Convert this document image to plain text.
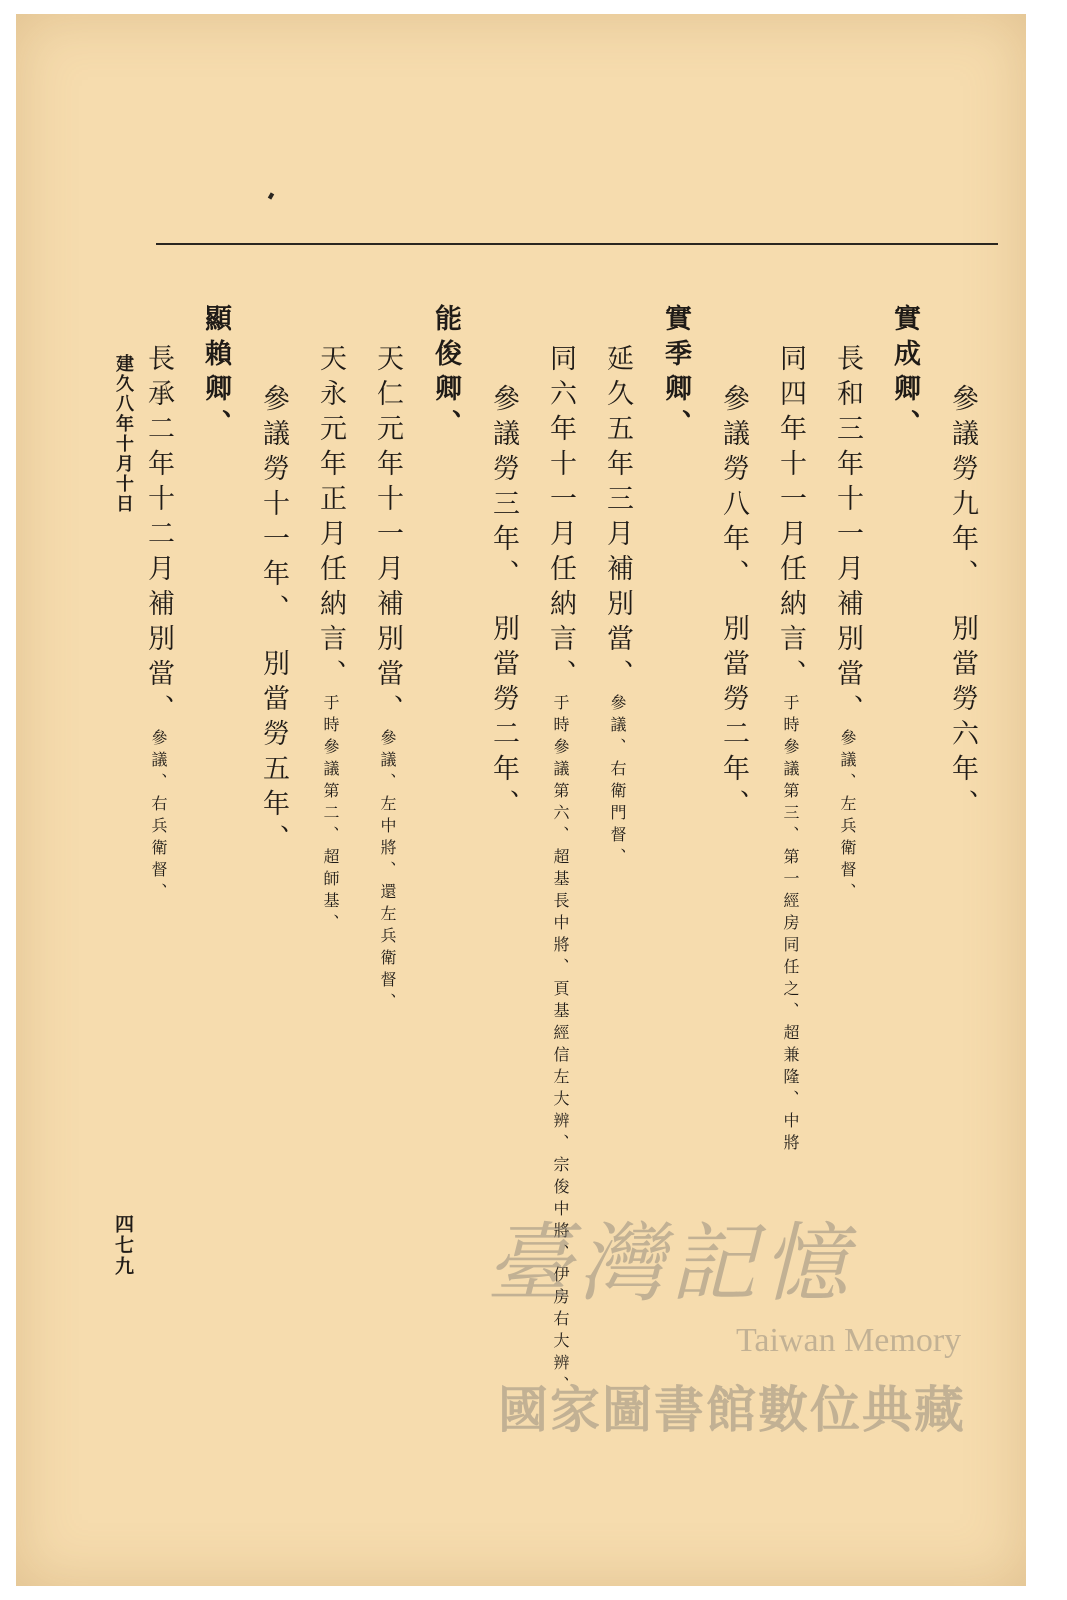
參議勞九年、別當勞六年、
實成卿、
長和三年十一月補別當、參議、左兵衛督、
同四年十一月任納言、于時參議第三、第一經房同任之、超兼隆、中將
參議勞八年、別當勞二年、
實季卿、
延久五年三月補別當、參議、右衛門督、
同六年十一月任納言、于時參議第六、超基長中將、頁基經信左大辨、宗俊中將、伊房右大辨、
參議勞三年、別當勞二年、
能俊卿、
天仁元年十一月補別當、參議、左中將、還左兵衛督、
天永元年正月任納言、于時參議第二、超師基、
參議勞十一年、別當勞五年、
顯賴卿、
長承二年十二月補別當、參議、右兵衛督、
建久八年十月十日
四七九	臺灣記憶
Taiwan Memory
國家圖書館數位典藏
